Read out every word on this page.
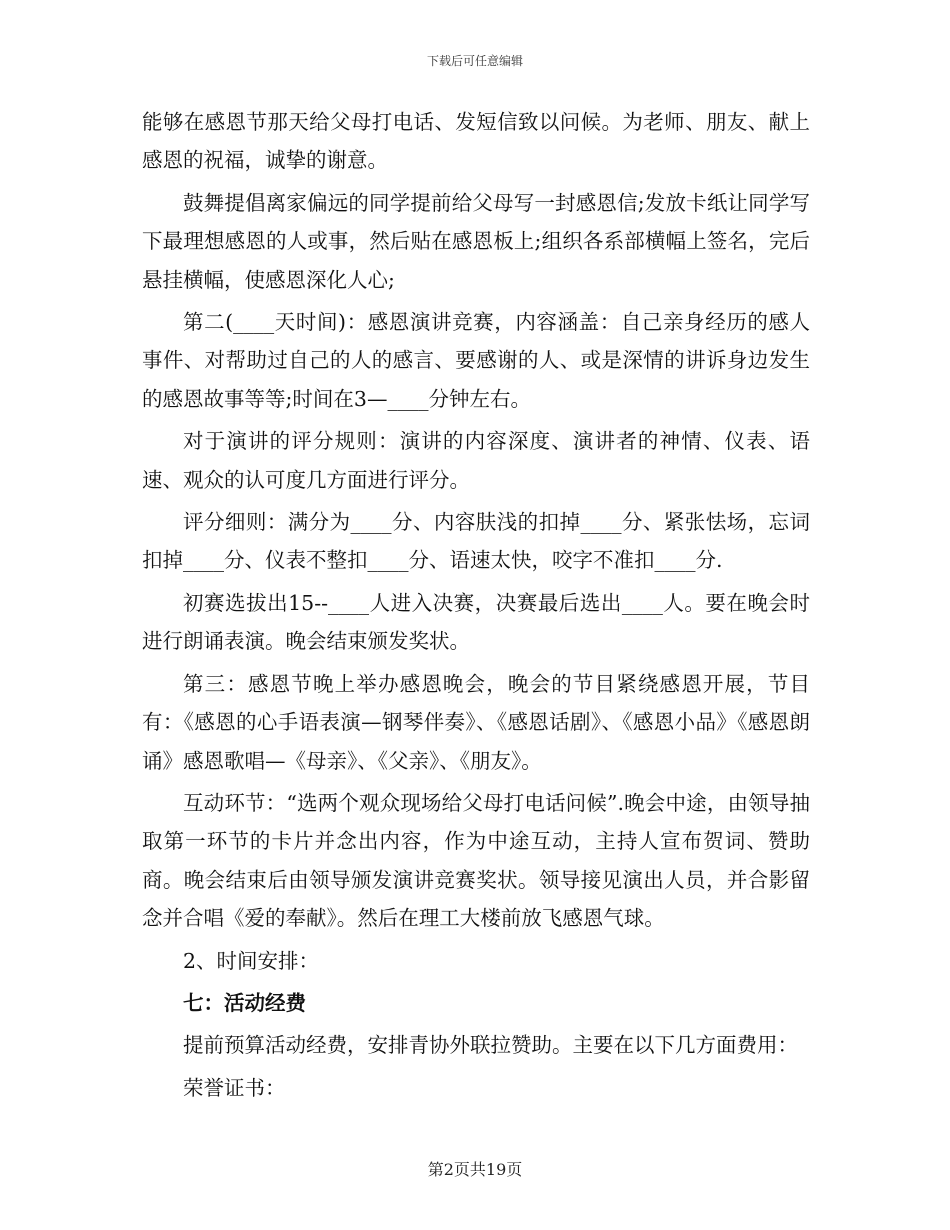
下载后可任意编辑

能够在感恩节那天给父母打电话、发短信致以问候。为老师、朋友、献上感恩的祝福，诚挚的谢意。

鼓舞提倡离家偏远的同学提前给父母写一封感恩信;发放卡纸让同学写下最理想感恩的人或事，然后贴在感恩板上;组织各系部横幅上签名，完后悬挂横幅，使感恩深化人心;

第二(____天时间)：感恩演讲竞赛，内容涵盖：自己亲身经历的感人事件、对帮助过自己的人的感言、要感谢的人、或是深情的讲诉身边发生的感恩故事等等;时间在3—____分钟左右。

对于演讲的评分规则：演讲的内容深度、演讲者的神情、仪表、语速、观众的认可度几方面进行评分。

评分细则：满分为____分、内容肤浅的扣掉____分、紧张怯场，忘词扣掉____分、仪表不整扣____分、语速太快，咬字不准扣____分.

初赛选拔出15--____人进入决赛，决赛最后选出____人。要在晚会时进行朗诵表演。晚会结束颁发奖状。

第三：感恩节晚上举办感恩晚会，晚会的节目紧绕感恩开展，节目有：《感恩的心手语表演—钢琴伴奏》、《感恩话剧》、《感恩小品》《感恩朗诵》感恩歌唱—《母亲》、《父亲》、《朋友》。

互动环节：“选两个观众现场给父母打电话问候”.晚会中途，由领导抽取第一环节的卡片并念出内容，作为中途互动，主持人宣布贺词、赞助商。晚会结束后由领导颁发演讲竞赛奖状。领导接见演出人员，并合影留念并合唱《爱的奉献》。然后在理工大楼前放飞感恩气球。

2、时间安排：

七：活动经费

提前预算活动经费，安排青协外联拉赞助。主要在以下几方面费用：

荣誉证书：

第2页共19页
